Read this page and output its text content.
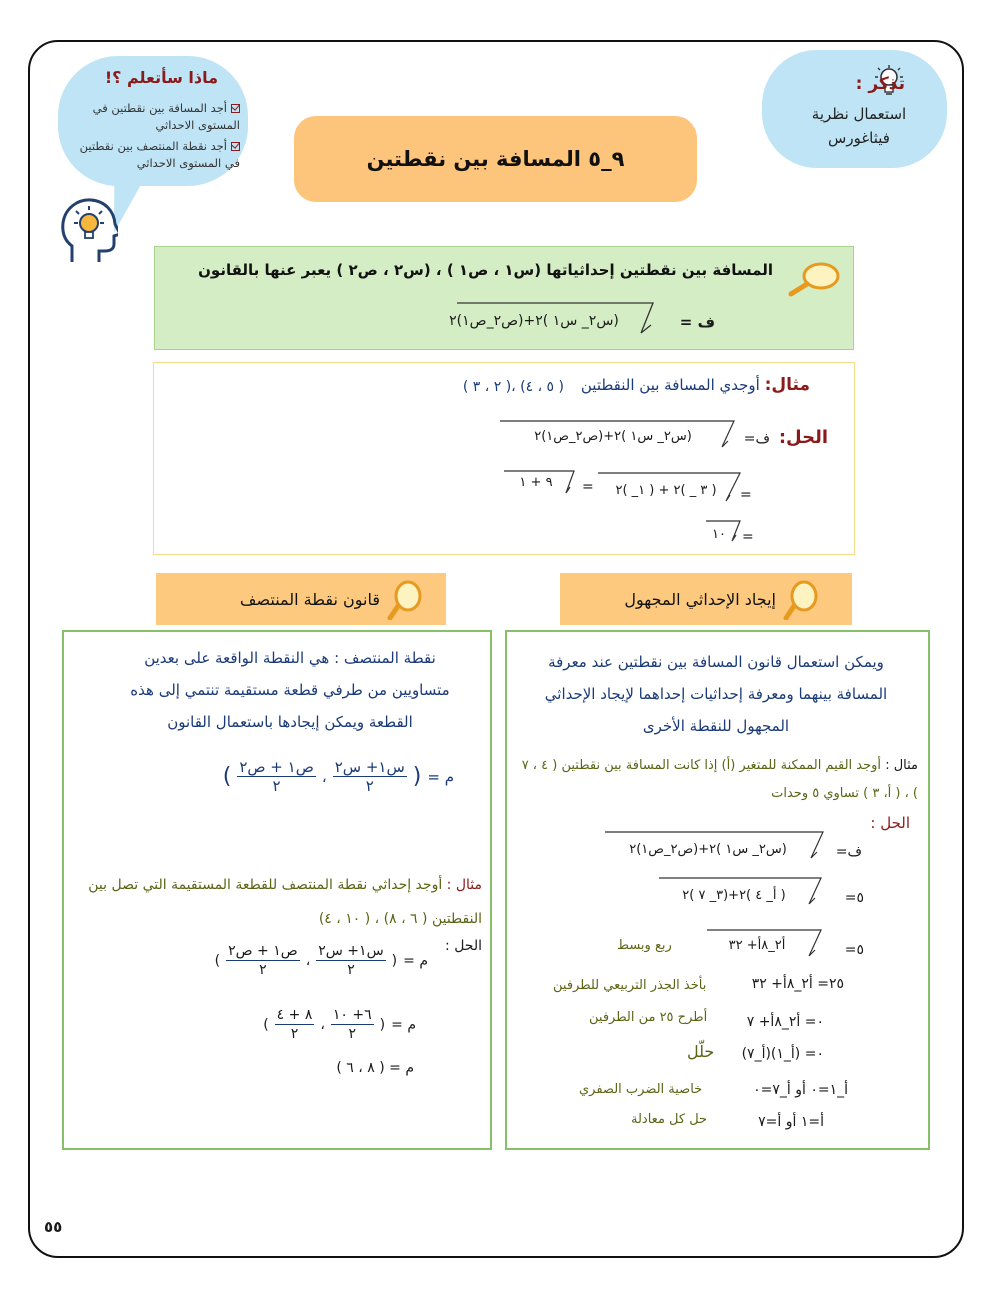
تذكر :
استعمال نظرية فيثاغورس
ماذا سأتعلم ؟!
أجد المسافة بين نقطتين في المستوى الاحداثي
أجد نقطة المنتصف بين نقطتين في المستوى الاحداثي	٩_٥ المسافة بين نقطتين
المسافة بين نقطتين إحداثياتها (س١ ، ص١ ) ، (س٢ ، ص٢ ) يعبر عنها بالقانون
ف =
(س٢_ س١ )٢+(ص٢_ص١)٢
مثال: أوجدي المسافة بين النقطتين
( ٥ ، ٤) ،( ٢ ، ٣ )
الحل:
ف=
(س٢_ س١ )٢+(ص٢_ص١)٢
=
( ٣ _ )٢ + ( ١_ )٢
=
٩ + ١
=
١٠
إيجاد الإحداثي المجهول
قانون نقطة المنتصف
ويمكن استعمال قانون المسافة بين نقطتين عند معرفة المسافة بينهما ومعرفة إحداثيات إحداهما لإيجاد الإحداثي المجهول للنقطة الأخرى
مثال : أوجد القيم الممكنة للمتغير (أ) إذا كانت المسافة بين نقطتين ( ٤ ، ٧ ) ، ( أ، ٣ ) تساوي ٥ وحدات
الحل :
ف=
(س٢_ س١ )٢+(ص٢_ص١)٢
٥=
( أ_ ٤ )٢+(٣_ ٧ )٢
٥=
أ٢_٨أ+ ٣٢
ربع وبسط
٢٥= أ٢_٨أ+ ٣٢
بأخذ الجذر التربيعي للطرفين
٠= أ٢_٨أ+ ٧
أطرح ٢٥ من الطرفين
٠= (أ_١)(أ_٧)
حلّل
أ_١=٠ أو أ_٧=٠
خاصية الضرب الصفري
أ=١ أو أ=٧
حل كل معادلة
نقطة المنتصف : هي النقطة الواقعة على بعدين متساويين من طرفي قطعة مستقيمة تنتمي إلى هذه القطعة ويمكن إيجادها باستعمال القانون
م =
(
$\frac{\text{س١+ س٢}}{٢}$
،
$\frac{\text{ص١ + ص٢}}{٢}$
)
مثال : أوجد إحداثي نقطة المنتصف للقطعة المستقيمة التي تصل بين النقطتين ( ٦ ، ٨) ، ( ١٠ ، ٤)
الحل :
م =
(
$\frac{\text{س١+ س٢}}{٢}$
،
$\frac{\text{ص١ + ص٢}}{٢}$
)
م =
(
$\frac{٦+ ١٠}{٢}$
،
$\frac{٨ + ٤}{٢}$
)
م = ( ٨ ، ٦ )
٥٥
